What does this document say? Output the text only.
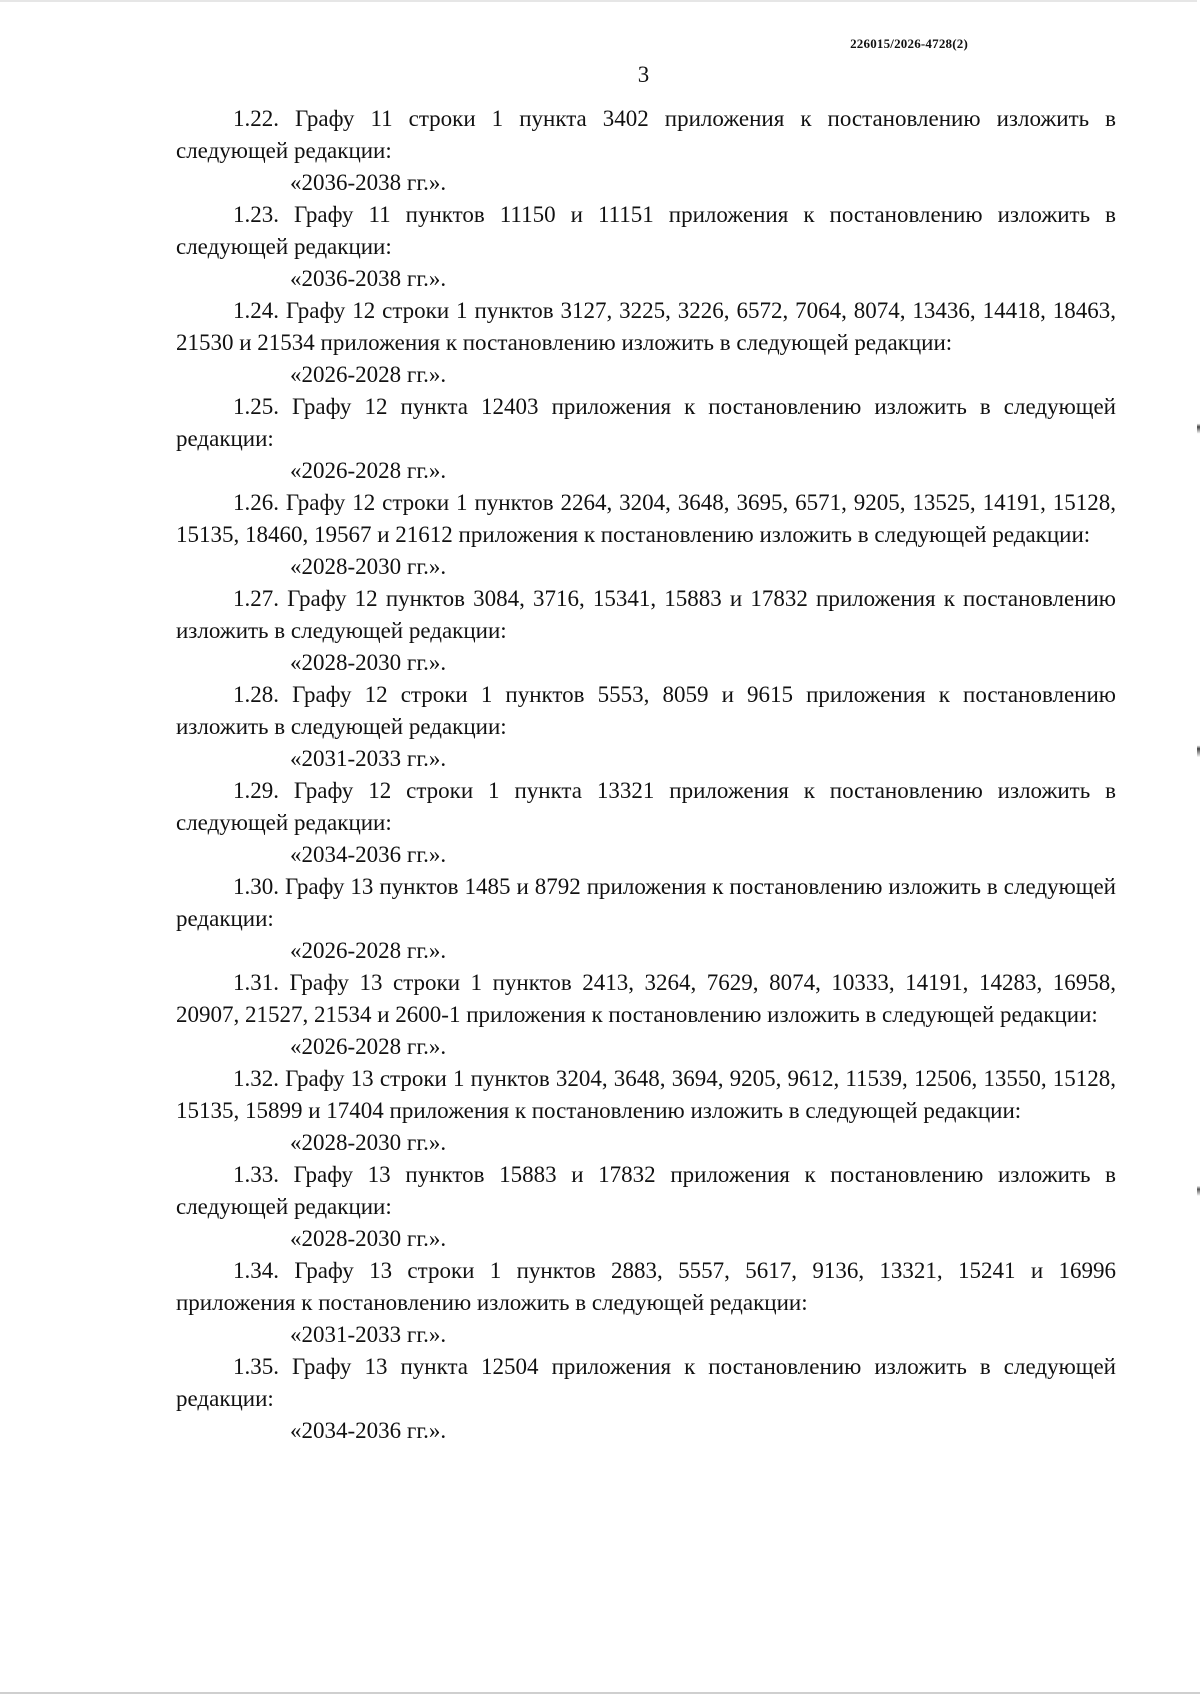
226015/2026-4728(2)
3

1.22. Графу 11 строки 1 пункта 3402 приложения к постановлению изложить в следующей редакции:

«2036-2038 гг.».

1.23. Графу 11 пунктов 11150 и 11151 приложения к постановлению изложить в следующей редакции:

«2036-2038 гг.».

1.24. Графу 12 строки 1 пунктов 3127, 3225, 3226, 6572, 7064, 8074, 13436, 14418, 18463, 21530 и 21534 приложения к постановлению изложить в следующей редакции:

«2026-2028 гг.».

1.25. Графу 12 пункта 12403 приложения к постановлению изложить в следующей редакции:

«2026-2028 гг.».

1.26. Графу 12 строки 1 пунктов 2264, 3204, 3648, 3695, 6571, 9205, 13525, 14191, 15128, 15135, 18460, 19567 и 21612 приложения к постановлению изложить в следующей редакции:

«2028-2030 гг.».

1.27. Графу 12 пунктов 3084, 3716, 15341, 15883 и 17832 приложения к постановлению изложить в следующей редакции:

«2028-2030 гг.».

1.28. Графу 12 строки 1 пунктов 5553, 8059 и 9615 приложения к постановлению изложить в следующей редакции:

«2031-2033 гг.».

1.29. Графу 12 строки 1 пункта 13321 приложения к постановлению изложить в следующей редакции:

«2034-2036 гг.».

1.30. Графу 13 пунктов 1485 и 8792 приложения к постановлению изложить в следующей редакции:

«2026-2028 гг.».

1.31. Графу 13 строки 1 пунктов 2413, 3264, 7629, 8074, 10333, 14191, 14283, 16958, 20907, 21527, 21534 и 2600-1 приложения к постановлению изложить в следующей редакции:

«2026-2028 гг.».

1.32. Графу 13 строки 1 пунктов 3204, 3648, 3694, 9205, 9612, 11539, 12506, 13550, 15128, 15135, 15899 и 17404 приложения к постановлению изложить в следующей редакции:

«2028-2030 гг.».

1.33. Графу 13 пунктов 15883 и 17832 приложения к постановлению изложить в следующей редакции:

«2028-2030 гг.».

1.34. Графу 13 строки 1 пунктов 2883, 5557, 5617, 9136, 13321, 15241 и 16996 приложения к постановлению изложить в следующей редакции:

«2031-2033 гг.».

1.35. Графу 13 пункта 12504 приложения к постановлению изложить в следующей редакции:

«2034-2036 гг.».
